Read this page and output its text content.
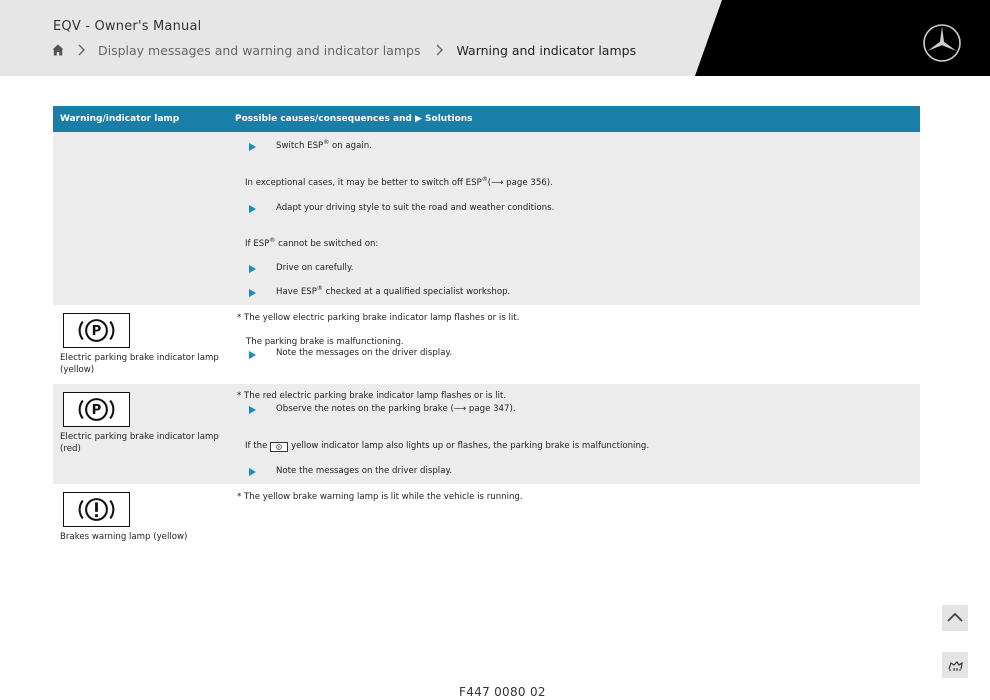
EQV - Owner's Manual
Display messages and warning and indicator lamps	Warning and indicator lamps
Warning/indicator lamp	Possible causes/consequences and ▶ Solutions
Switch ESP® on again.
In exceptional cases, it may be better to switch off ESP®(⟶ page 356).
Adapt your driving style to suit the road and weather conditions.
If ESP® cannot be switched on:
Drive on carefully.
Have ESP® checked at a qualified specialist workshop.
P
Electric parking brake indicator lamp (yellow)
* The yellow electric parking brake indicator lamp flashes or is lit.
The parking brake is malfunctioning.
Note the messages on the driver display.
P
Electric parking brake indicator lamp (red)
* The red electric parking brake indicator lamp flashes or is lit.
Observe the notes on the parking brake (⟶ page 347).
If the P yellow indicator lamp also lights up or flashes, the parking brake is malfunctioning.
Note the messages on the driver display.
Brakes warning lamp (yellow)
* The yellow brake warning lamp is lit while the vehicle is running.
F447 0080 02
